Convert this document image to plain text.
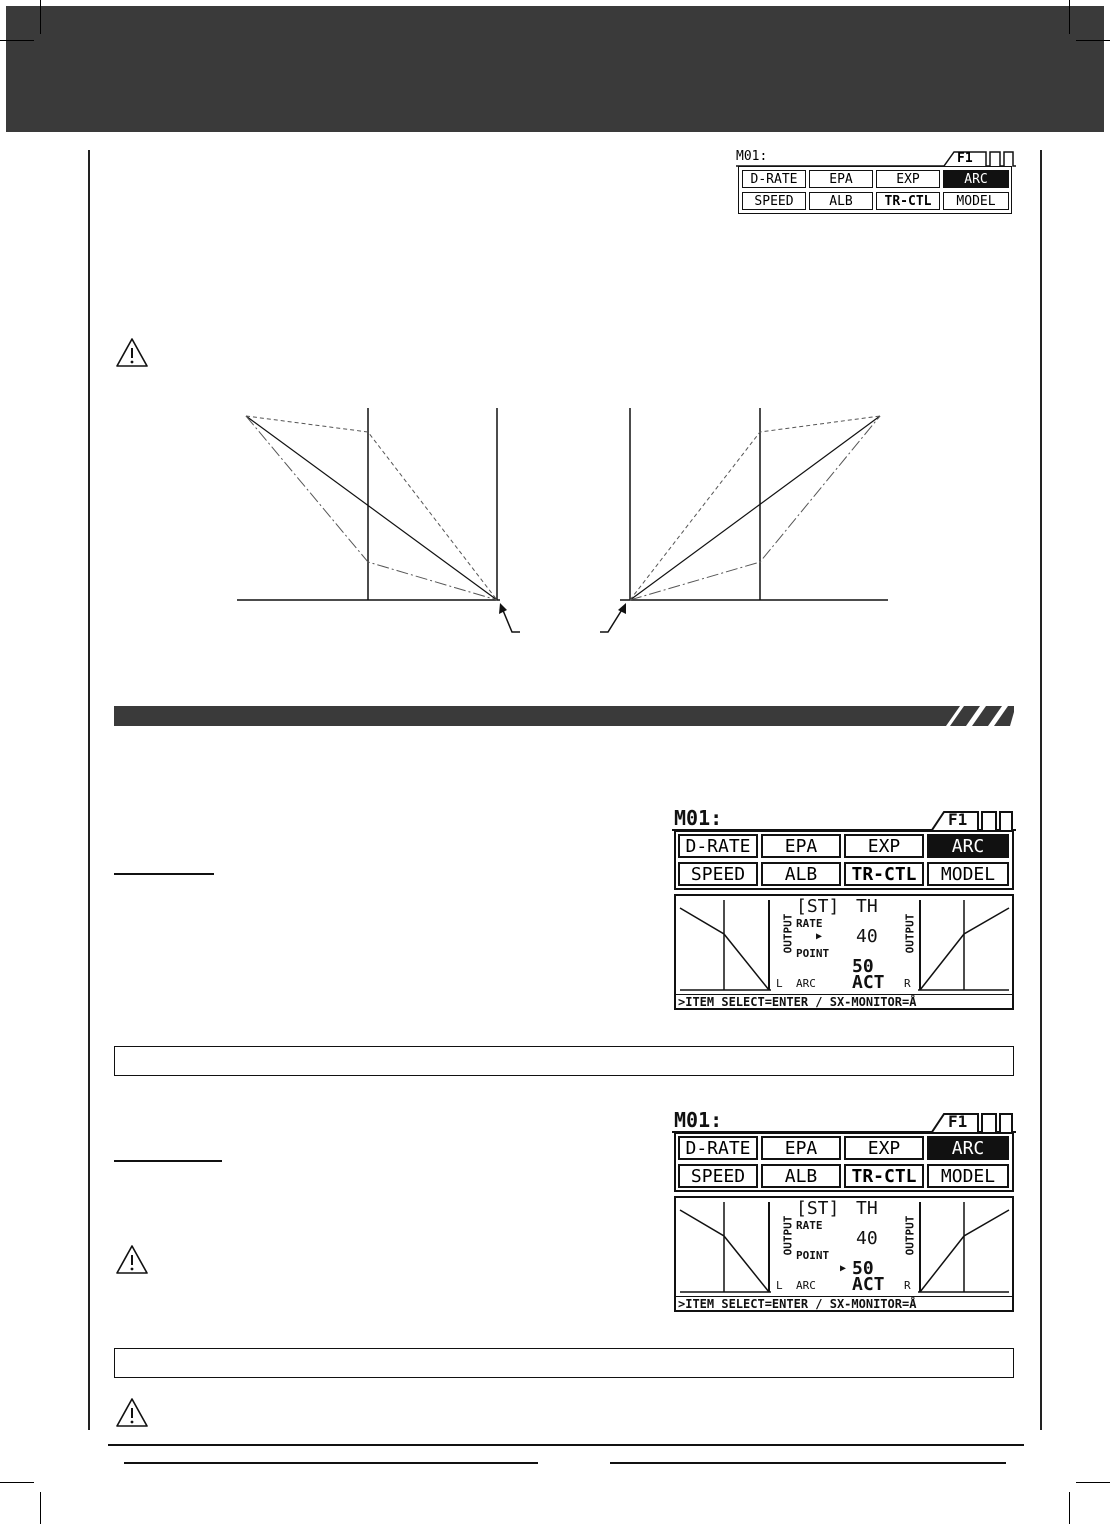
M01:	F1
D-RATE	EPA	EXP	ARC
SPEED	ALB	TR-CTL	MODEL
M01:	F1
D-RATE	EPA	EXP	ARC
SPEED	ALB	TR-CTL	MODEL
OUTPUT
L
[ST] TH
RATE
▶ 40
POINT
50
ARC ACT
OUTPUT
R
>ITEM SELECT=ENTER / SX-MONITOR=Å
M01:	F1
D-RATE	EPA	EXP	ARC
SPEED	ALB	TR-CTL	MODEL
OUTPUT
L
[ST] TH
RATE
40
POINT
▶ 50
ARC ACT
OUTPUT
R
>ITEM SELECT=ENTER / SX-MONITOR=Å
